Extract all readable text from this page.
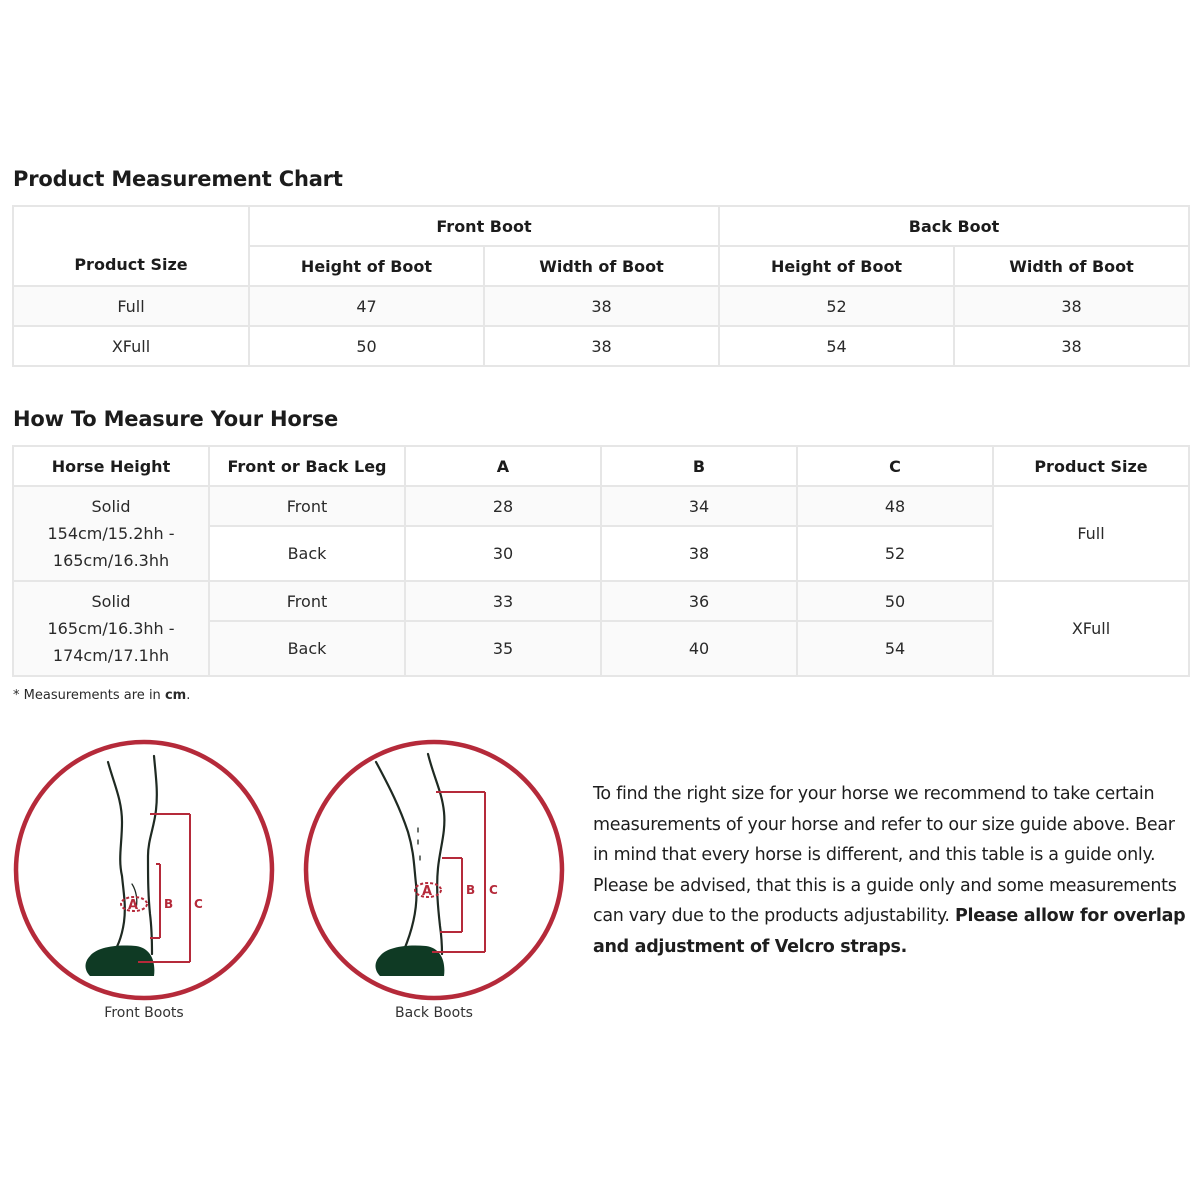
Product Measurement Chart
Product Size	Front Boot		Back Boot	
	Height of Boot	Width of Boot	Height of Boot	Width of Boot
Full	47	38	52	38
XFull	50	38	54	38
How To Measure Your Horse
Horse Height	Front or Back Leg	A	B	C	Product Size

Solid
154cm/15.2hh -
165cm/16.3hh	Front	28	34	48	Full
	Back	30	38	52	

Solid
165cm/16.3hh -
174cm/17.1hh	Front	33	36	50	XFull
	Back	35	40	54	
* Measurements are in cm.
A B C
Front Boots
A	B C
Back Boots
To find the right size for your horse we recommend to take certain measurements of your horse and refer to our size guide above. Bear in mind that every horse is different, and this table is a guide only. Please be advised, that this is a guide only and some measurements can vary due to the products adjustability. Please allow for overlap and adjustment of Velcro straps.
